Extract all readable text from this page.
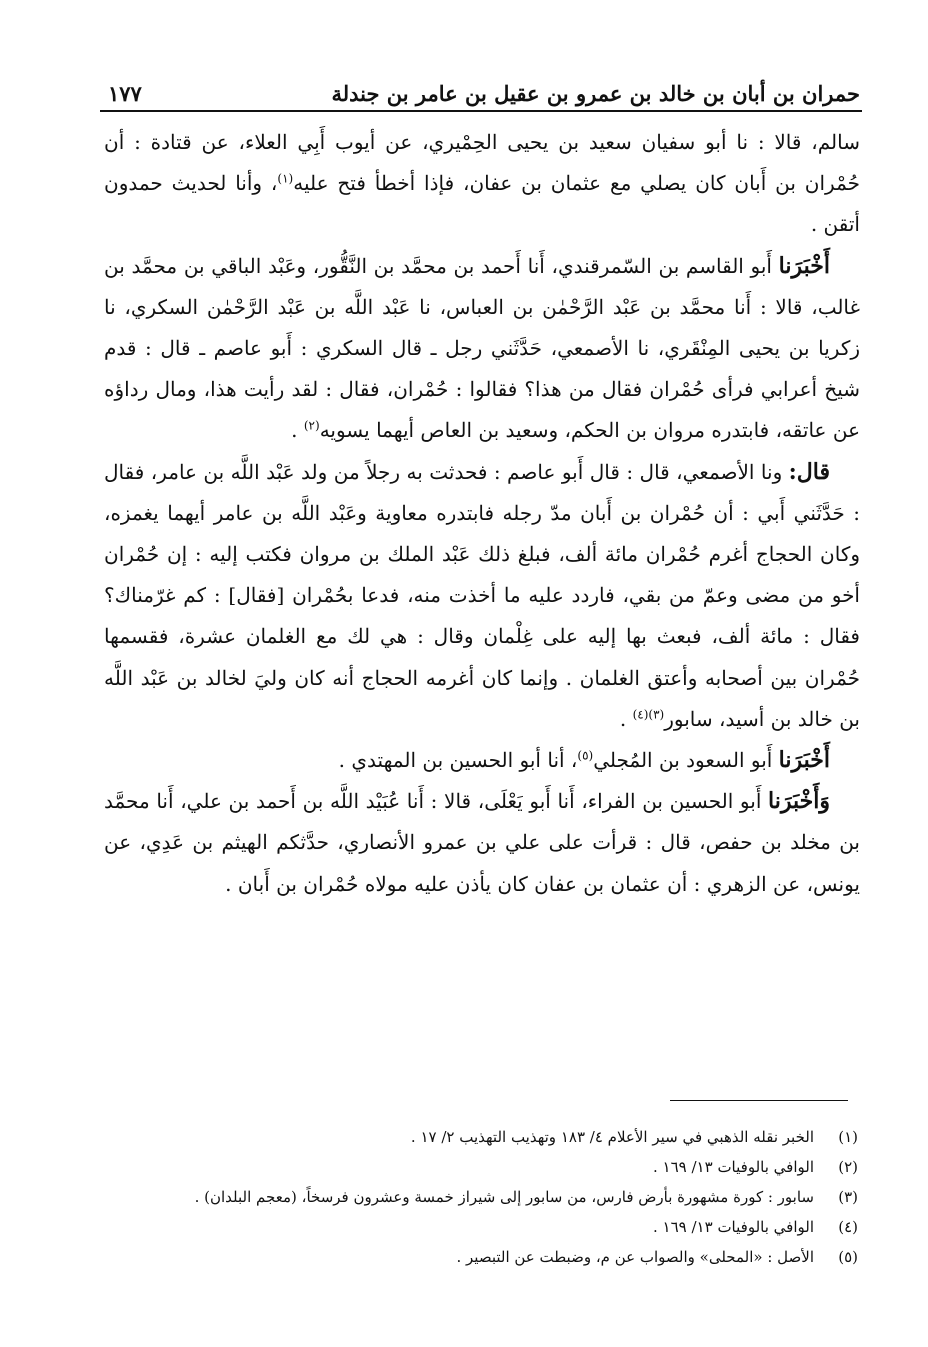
حمران بن أبان بن خالد بن عمرو بن عقيل بن عامر بن جندلة
١٧٧

سالم، قالا : نا أبو سفيان سعيد بن يحيى الحِمْيري، عن أيوب أَبِي العلاء، عن قتادة : أن حُمْران بن أَبان كان يصلي مع عثمان بن عفان، فإذا أخطأ فتح عليه$^{(١)}$، وأنا لحديث حمدون أتقن .

أَخْبَرَنا أَبو القاسم بن السّمرقندي، أَنا أَحمد بن محمَّد بن النَّقُّور، وعَبْد الباقي بن محمَّد بن غالب، قالا : أَنا محمَّد بن عَبْد الرَّحْمٰن بن العباس، نا عَبْد اللَّه بن عَبْد الرَّحْمٰن السكري، نا زكريا بن يحيى المِنْقَري، نا الأصمعي، حَدَّثَني رجل ـ قال السكري : أَبو عاصم ـ قال : قدم شيخ أعرابي فرأى حُمْران فقال من هذا؟ فقالوا : حُمْران، فقال : لقد رأيت هذا، ومال رداؤه عن عاتقه، فابتدره مروان بن الحكم، وسعيد بن العاص أيهما يسويه$^{(٢)}$ .

قال: ونا الأصمعي، قال : قال أَبو عاصم : فحدثت به رجلاً من ولد عَبْد اللَّه بن عامر، فقال : حَدَّثَني أَبي : أن حُمْران بن أَبان مدّ رجله فابتدره معاوية وعَبْد اللَّه بن عامر أيهما يغمزه، وكان الحجاج أغرم حُمْران مائة ألف، فبلغ ذلك عَبْد الملك بن مروان فكتب إليه : إن حُمْران أخو من مضى وعمّ من بقي، فاردد عليه ما أخذت منه، فدعا بحُمْران [فقال] : كم غرّمناك؟ فقال : مائة ألف، فبعث بها إليه على غِلْمان وقال : هي لك مع الغلمان عشرة، فقسمها حُمْران بين أصحابه وأعتق الغلمان . وإنما كان أغرمه الحجاج أنه كان وليَ لخالد بن عَبْد اللَّه بن خالد بن أسيد، سابور$^{(٣)(٤)}$ .

أَخْبَرَنا أَبو السعود بن المُجلي$^{(٥)}$، أنا أبو الحسين بن المهتدي .

وَأَخْبَرَنا أَبو الحسين بن الفراء، أَنا أَبو يَعْلَى، قالا : أَنا عُبَيْد اللَّه بن أَحمد بن علي، أَنا محمَّد بن مخلد بن حفص، قال : قرأت على علي بن عمرو الأنصاري، حدَّثكم الهيثم بن عَدِي، عن يونس، عن الزهري : أن عثمان بن عفان كان يأذن عليه مولاه حُمْران بن أَبان .

(١)
الخبر نقله الذهبي في سير الأعلام ٤/ ١٨٣ وتهذيب التهذيب ٢/ ١٧ .
(٢)
الوافي بالوفيات ١٣/ ١٦٩ .
(٣)
سابور : كورة مشهورة بأرض فارس، من سابور إلى شيراز خمسة وعشرون فرسخاً، (معجم البلدان) .
(٤)
الوافي بالوفيات ١٣/ ١٦٩ .
(٥)
الأصل : «المحلى» والصواب عن م، وضبطت عن التبصير .
